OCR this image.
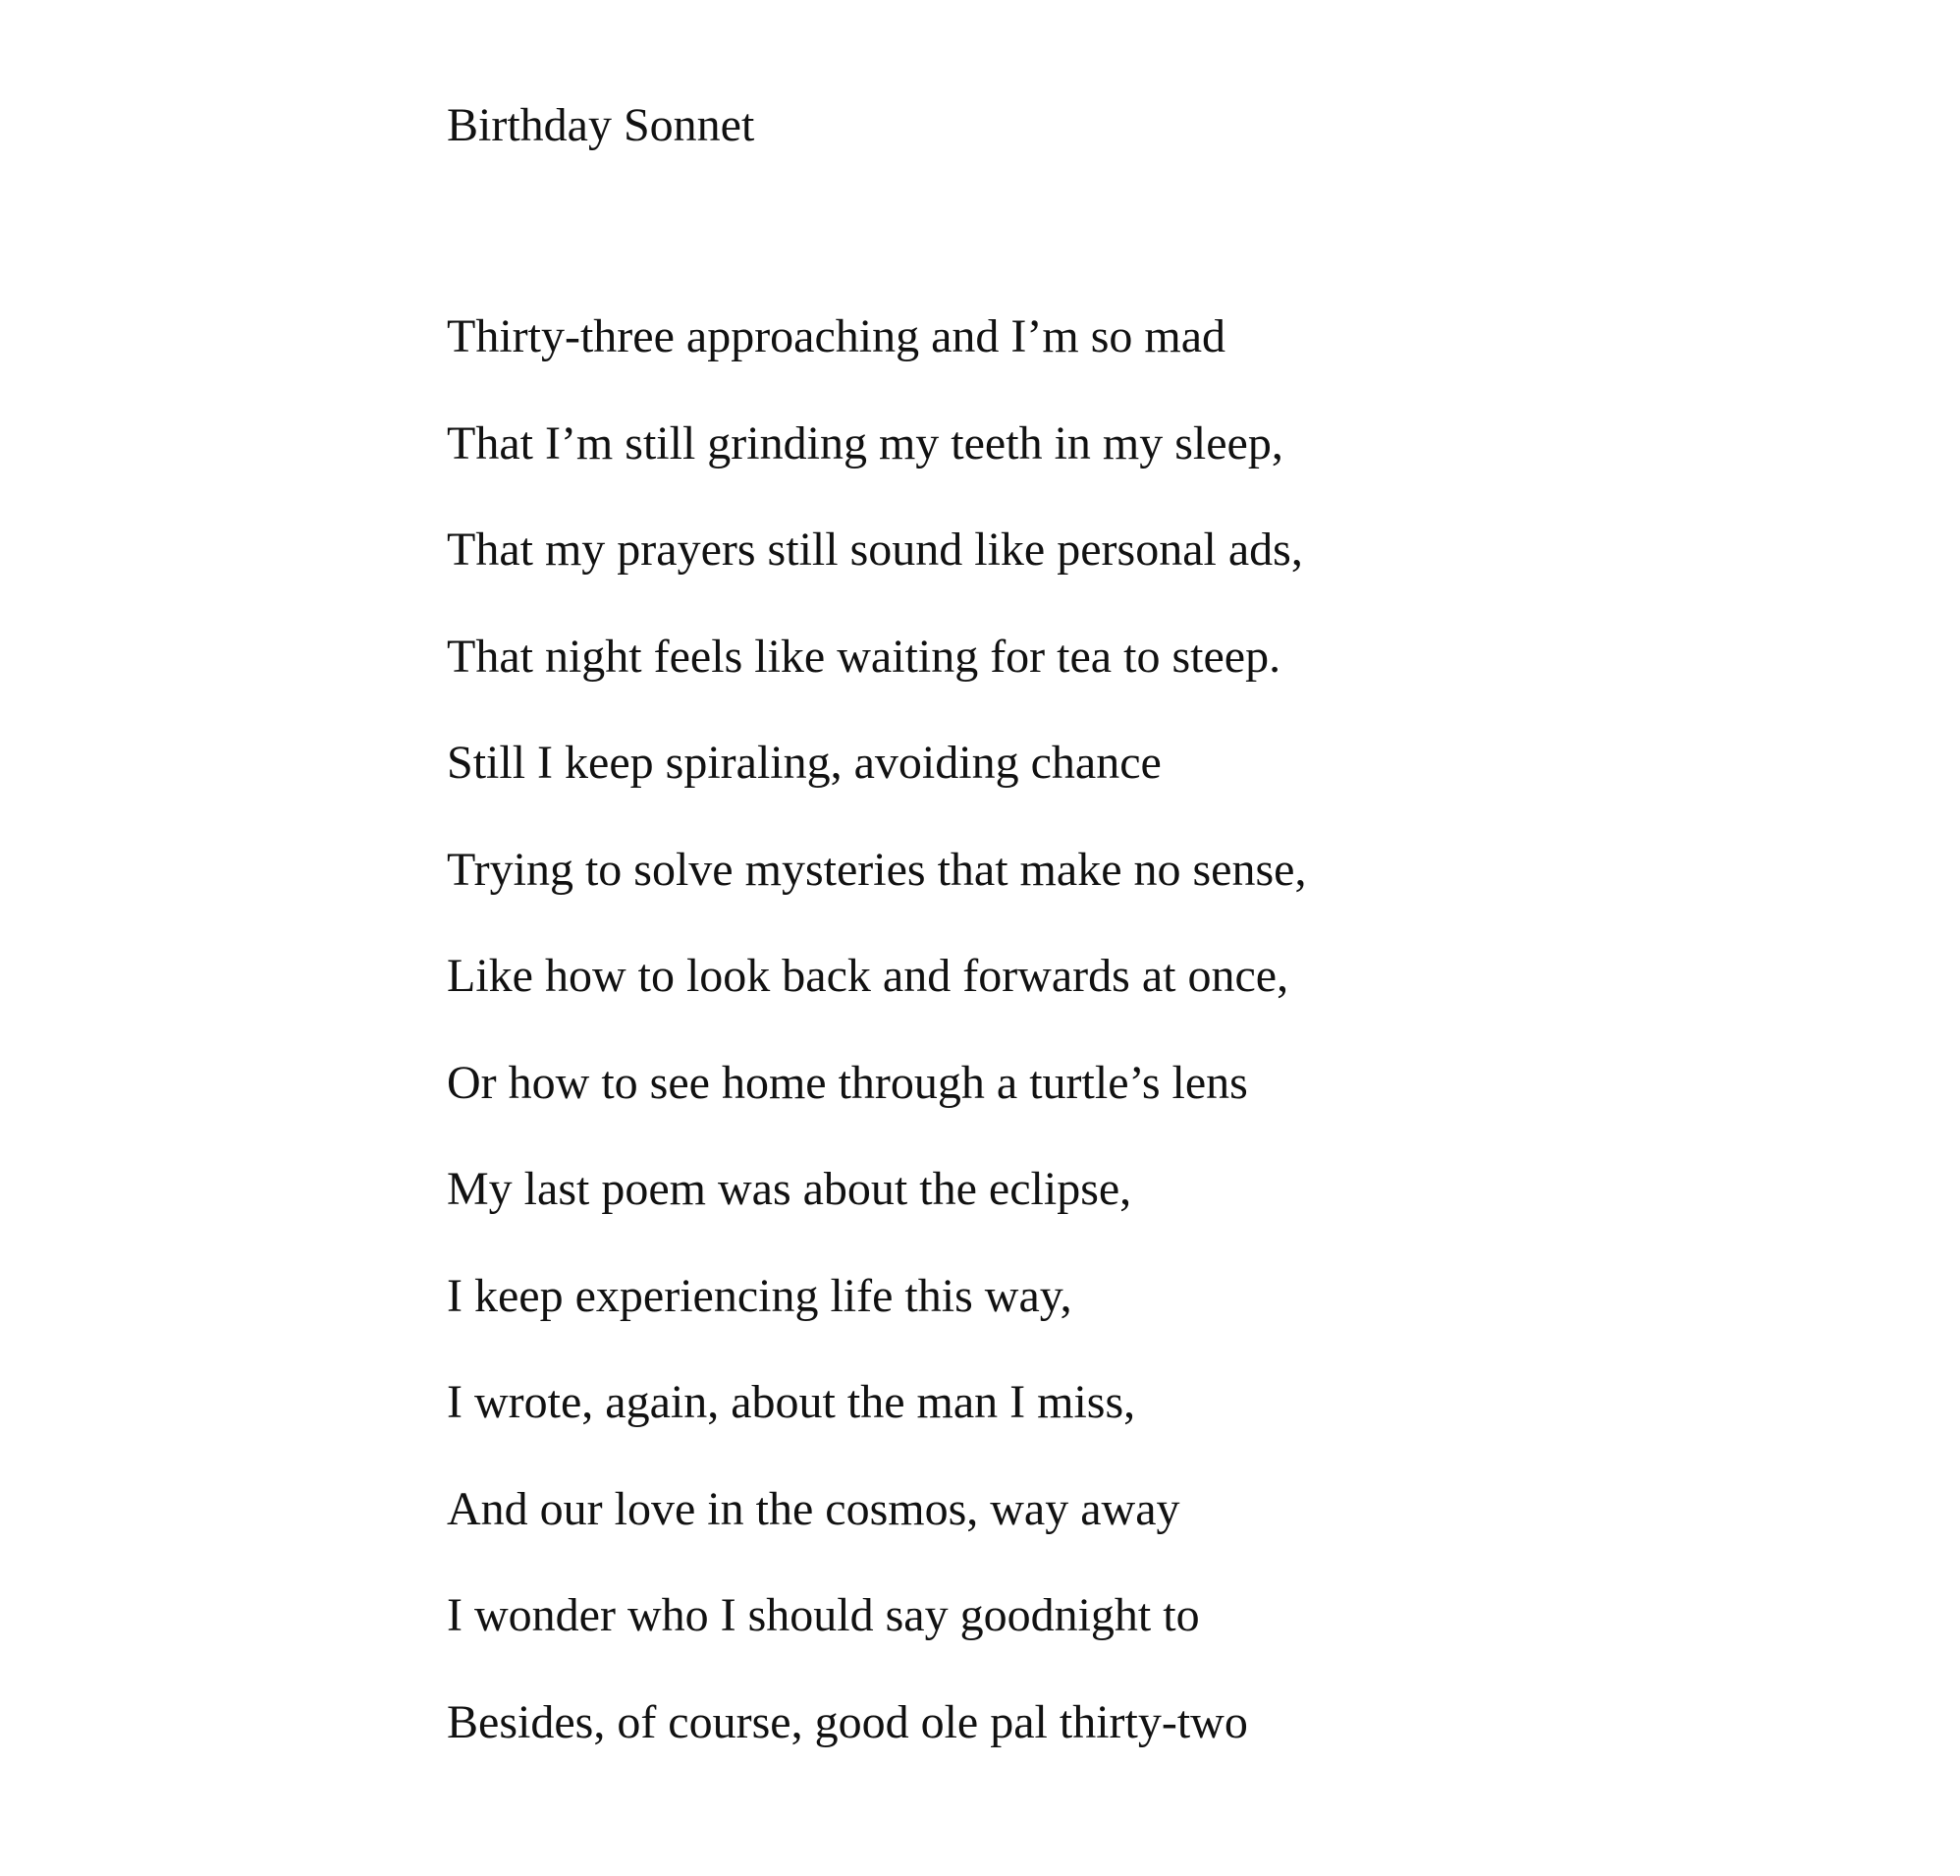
Birthday Sonnet
Thirty-three approaching and I’m so mad
That I’m still grinding my teeth in my sleep,
That my prayers still sound like personal ads,
That night feels like waiting for tea to steep.
Still I keep spiraling, avoiding chance
Trying to solve mysteries that make no sense,
Like how to look back and forwards at once,
Or how to see home through a turtle’s lens
My last poem was about the eclipse,
I keep experiencing life this way,
I wrote, again, about the man I miss,
And our love in the cosmos, way away
I wonder who I should say goodnight to
Besides, of course, good ole pal thirty-two
